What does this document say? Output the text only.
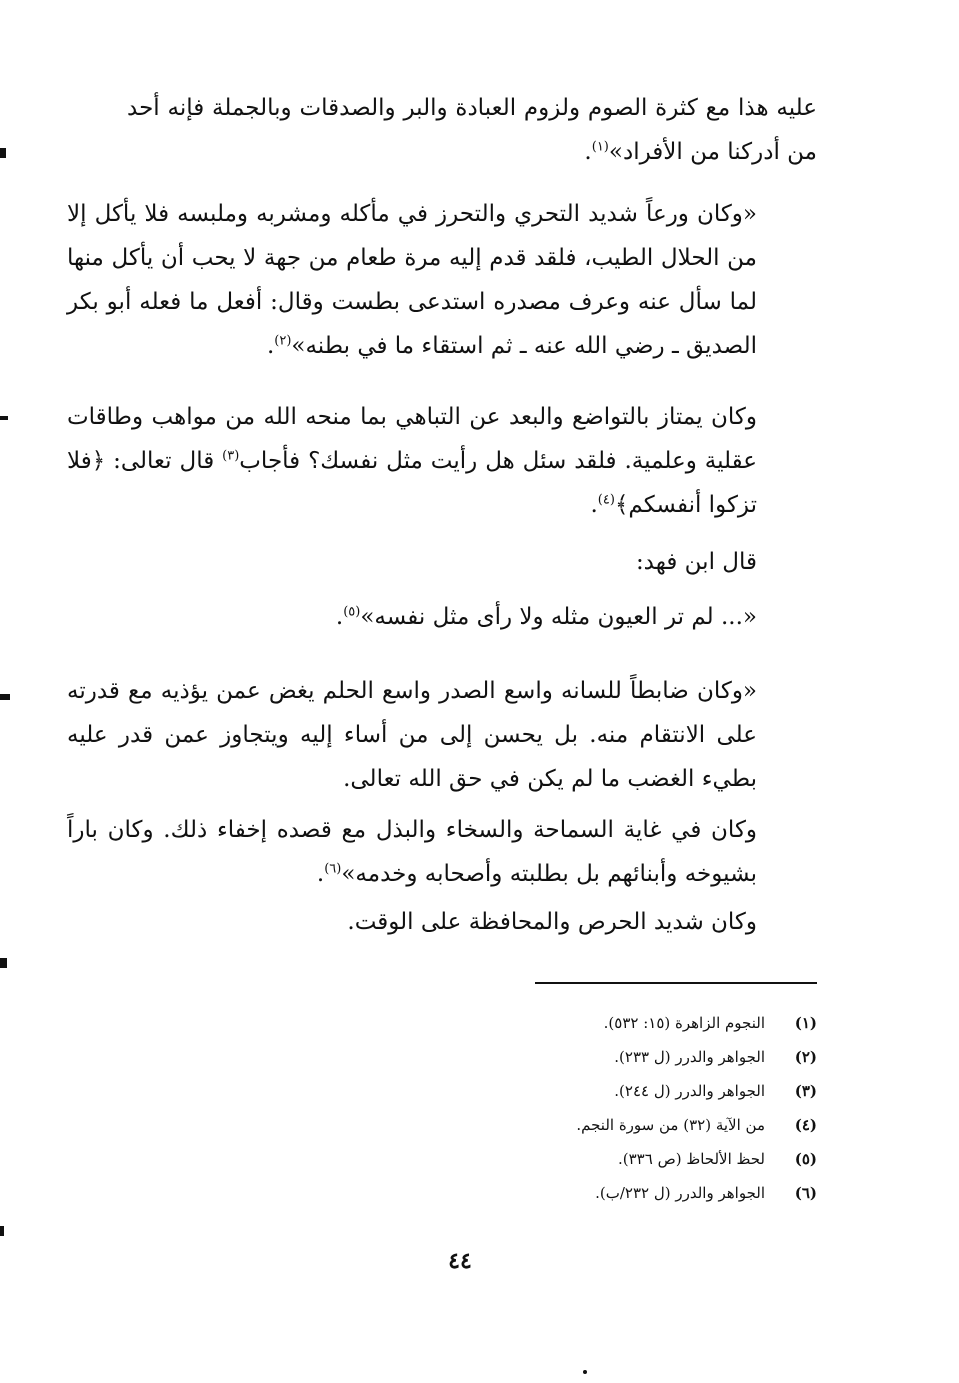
عليه هذا مع كثرة الصوم ولزوم العبادة والبر والصدقات وبالجملة فإنه أحد من أدركنا من الأفراد»$^{(١)}$.
«وكان ورعاً شديد التحري والتحرز في مأكله ومشربه وملبسه فلا يأكل إلا من الحلال الطيب، فلقد قدم إليه مرة طعام من جهة لا يحب أن يأكل منها لما سأل عنه وعرف مصدره استدعى بطست وقال: أفعل ما فعله أبو بكر الصديق ـ رضي الله عنه ـ ثم استقاء ما في بطنه»$^{(٢)}$.
وكان يمتاز بالتواضع والبعد عن التباهي بما منحه الله من مواهب وطاقات عقلية وعلمية. فلقد سئل هل رأيت مثل نفسك؟ فأجاب$^{(٣)}$ قال تعالى: ﴿فلا تزكوا أنفسكم﴾$^{(٤)}$.
قال ابن فهد:
«... لم تر العيون مثله ولا رأى مثل نفسه»$^{(٥)}$.
«وكان ضابطاً للسانه واسع الصدر واسع الحلم يغض عمن يؤذيه مع قدرته على الانتقام منه. بل يحسن إلى من أساء إليه ويتجاوز عمن قدر عليه بطيء الغضب ما لم يكن في حق الله تعالى.
وكان في غاية السماحة والسخاء والبذل مع قصده إخفاء ذلك. وكان باراً بشيوخه وأبنائهم بل بطلبته وأصحابه وخدمه»$^{(٦)}$.
وكان شديد الحرص والمحافظة على الوقت.
(١)النجوم الزاهرة (١٥: ٥٣٢).
(٢)الجواهر والدرر (ل ٢٣٣).
(٣)الجواهر والدرر (ل ٢٤٤).
(٤)من الآية (٣٢) من سورة النجم.
(٥)لحظ الألحاظ (ص ٣٣٦).
(٦)الجواهر والدرر (ل ٢٣٢/ب).
٤٤
